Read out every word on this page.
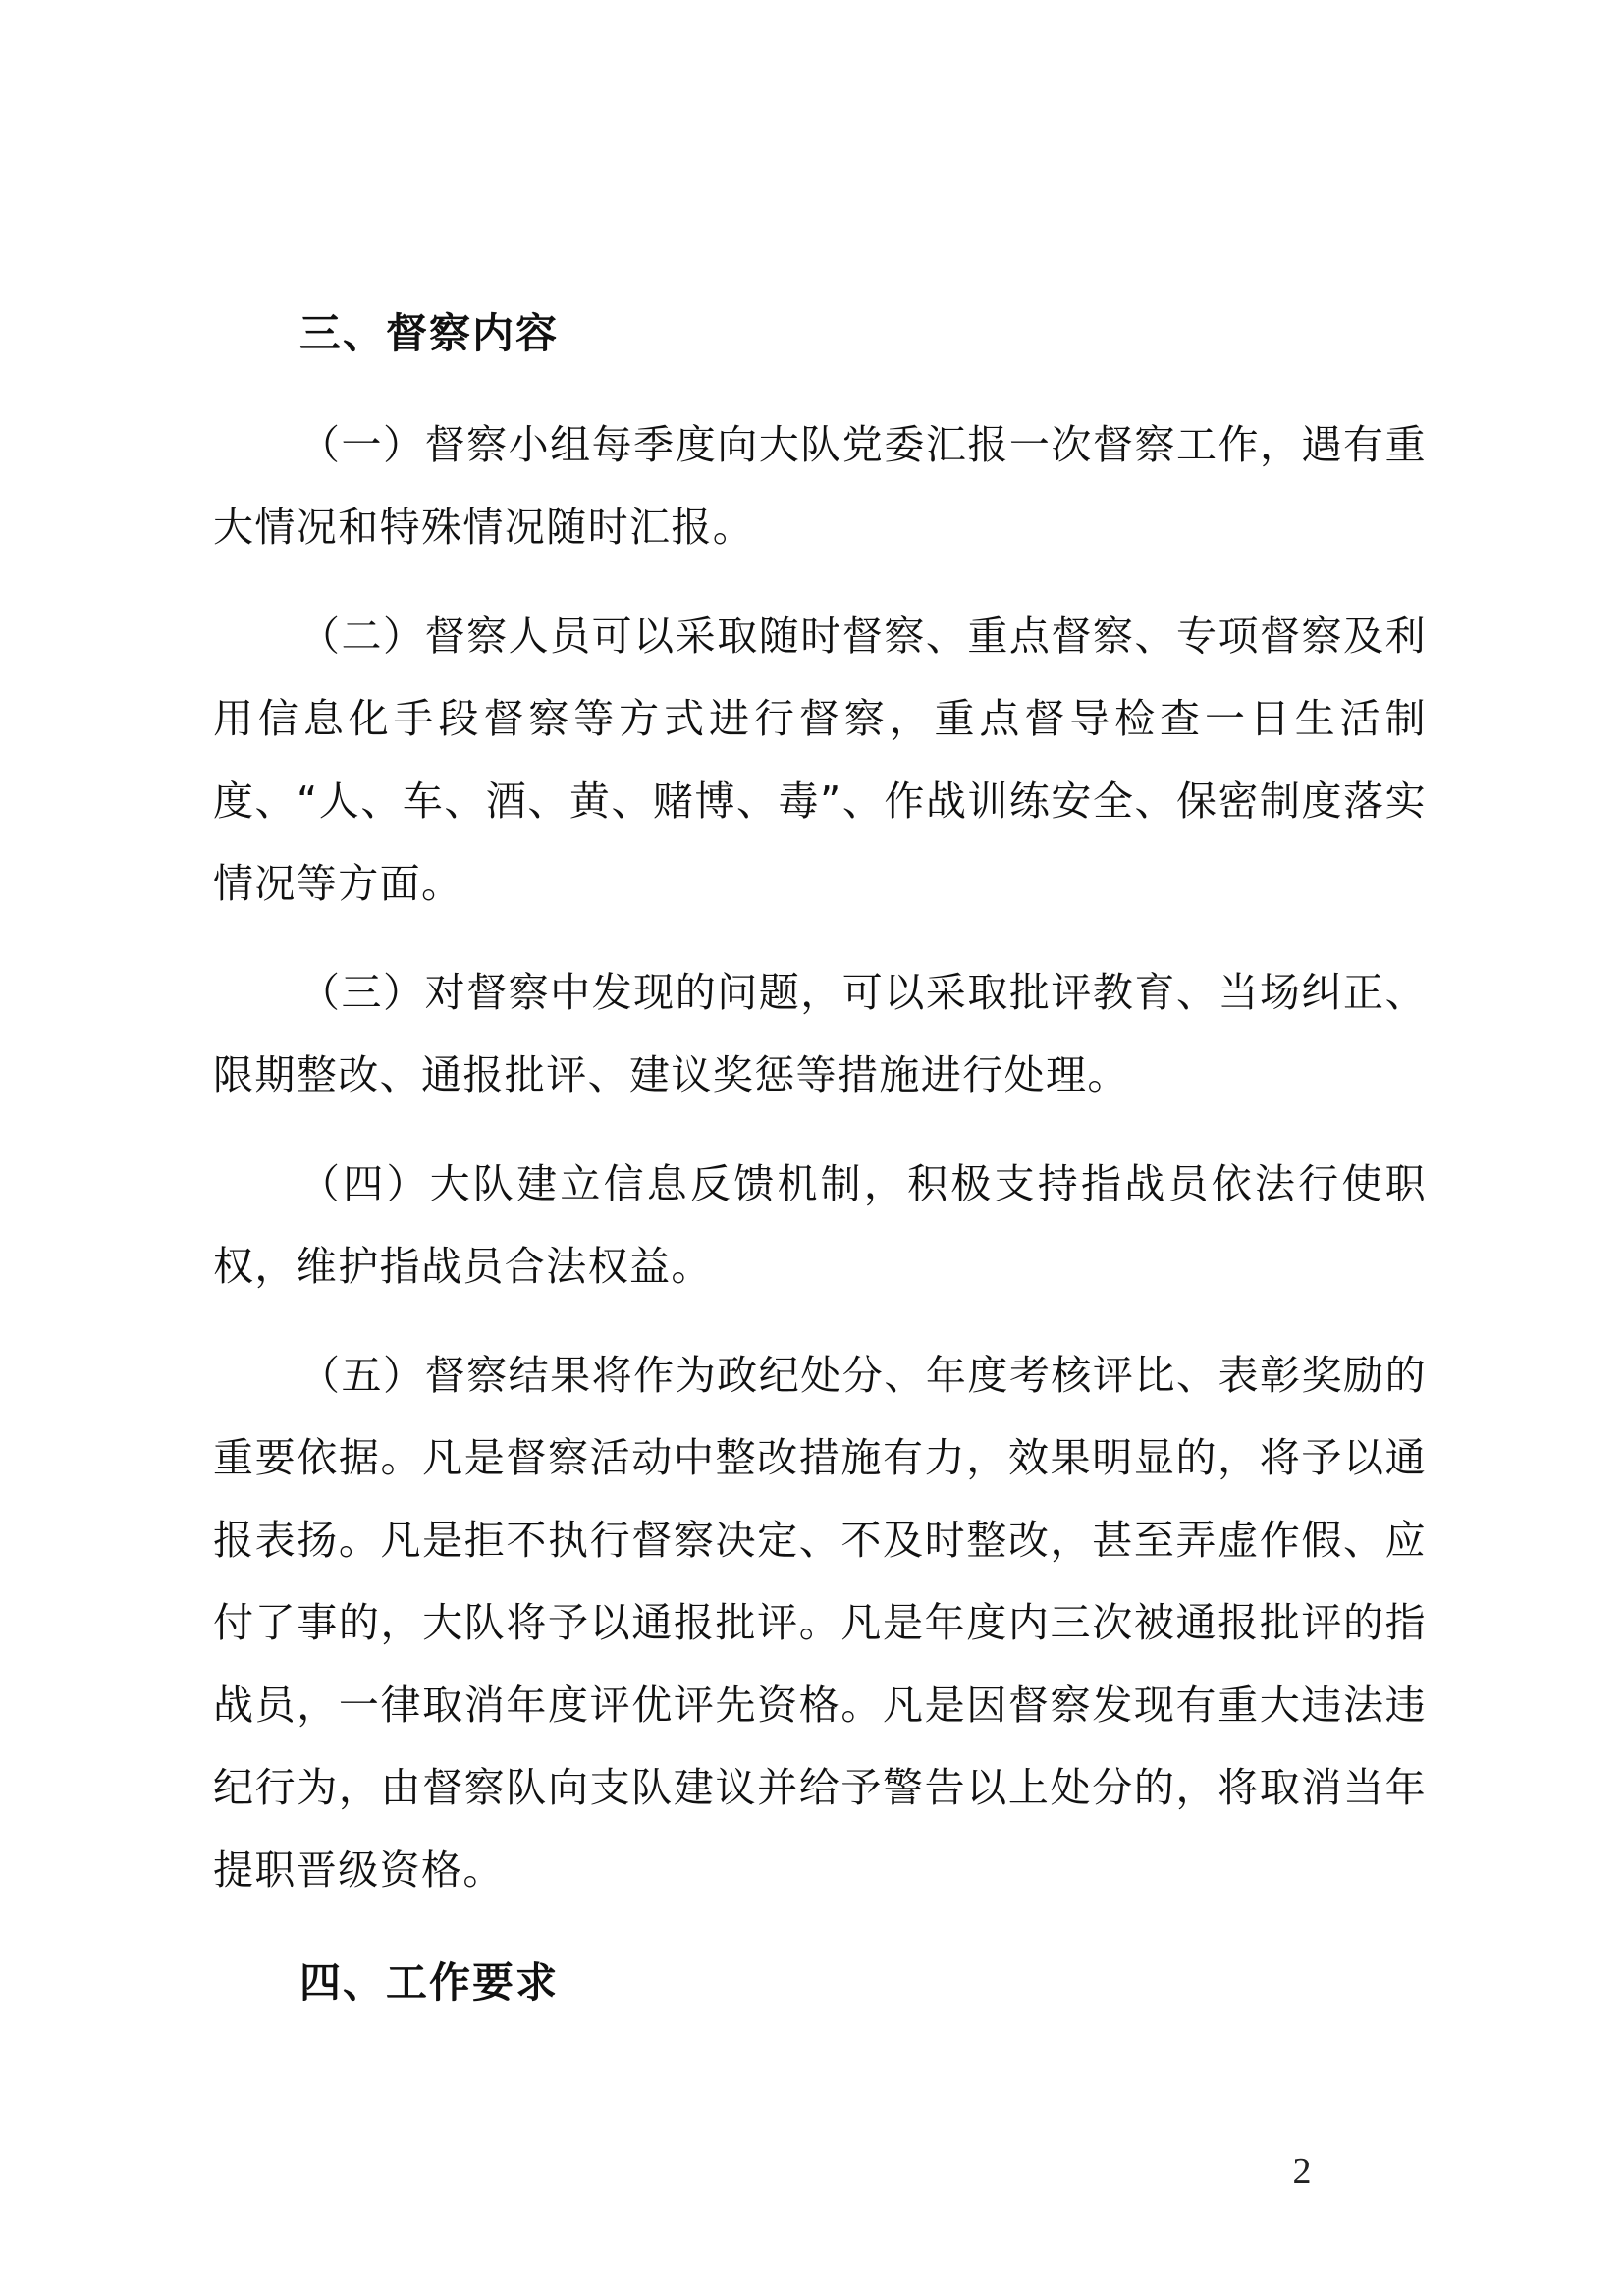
三、督察内容

（一）督察小组每季度向大队党委汇报一次督察工作，遇有重大情况和特殊情况随时汇报。

（二）督察人员可以采取随时督察、重点督察、专项督察及利用信息化手段督察等方式进行督察，重点督导检查一日生活制度、“人、车、酒、黄、赌博、毒”、作战训练安全、保密制度落实情况等方面。

（三）对督察中发现的问题，可以采取批评教育、当场纠正、限期整改、通报批评、建议奖惩等措施进行处理。

（四）大队建立信息反馈机制，积极支持指战员依法行使职权，维护指战员合法权益。

（五）督察结果将作为政纪处分、年度考核评比、表彰奖励的重要依据。凡是督察活动中整改措施有力，效果明显的，将予以通报表扬。凡是拒不执行督察决定、不及时整改，甚至弄虚作假、应付了事的，大队将予以通报批评。凡是年度内三次被通报批评的指战员，一律取消年度评优评先资格。凡是因督察发现有重大违法违纪行为，由督察队向支队建议并给予警告以上处分的，将取消当年提职晋级资格。

四、工作要求
2
